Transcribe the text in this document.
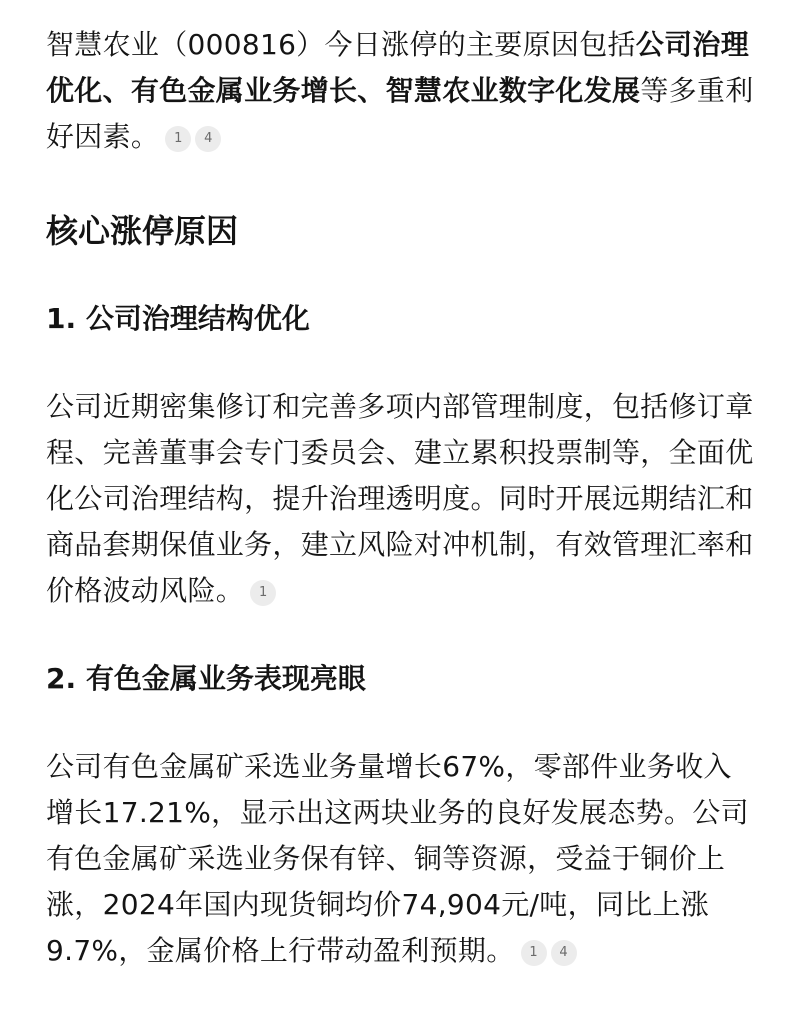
智慧农业（000816）今日涨停的主要原因包括公司治理优化、有色金属业务增长、智慧农业数字化发展等多重利好因素。 1 4

核心涨停原因
1. 公司治理结构优化

公司近期密集修订和完善多项内部管理制度，包括修订章程、完善董事会专门委员会、建立累积投票制等，全面优化公司治理结构，提升治理透明度。同时开展远期结汇和商品套期保值业务，建立风险对冲机制，有效管理汇率和价格波动风险。 1

2. 有色金属业务表现亮眼

公司有色金属矿采选业务量增长67%，零部件业务收入增长17.21%，显示出这两块业务的良好发展态势。公司有色金属矿采选业务保有锌、铜等资源，受益于铜价上涨，2024年国内现货铜均价74,904元/吨，同比上涨9.7%，金属价格上行带动盈利预期。 1 4
